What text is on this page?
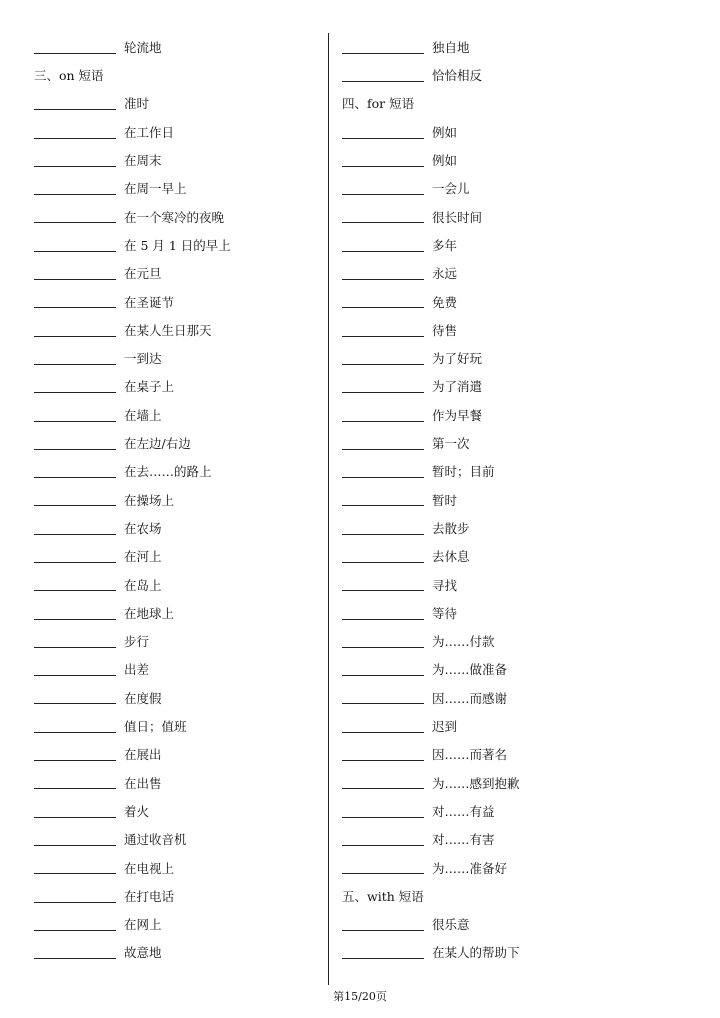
轮流地
三、on 短语
准时
在工作日
在周末
在周一早上
在一个寒冷的夜晚
在 5 月 1 日的早上
在元旦
在圣诞节
在某人生日那天
一到达
在桌子上
在墙上
在左边/右边
在去……的路上
在操场上
在农场
在河上
在岛上
在地球上
步行
出差
在度假
值日；值班
在展出
在出售
着火
通过收音机
在电视上
在打电话
在网上
故意地
独自地
恰恰相反
四、for 短语
例如
例如
一会儿
很长时间
多年
永远
免费
待售
为了好玩
为了消遣
作为早餐
第一次
暂时；目前
暂时
去散步
去休息
寻找
等待
为……付款
为……做准备
因……而感谢
迟到
因……而著名
为……感到抱歉
对……有益
对……有害
为……准备好
五、with 短语
很乐意
在某人的帮助下
第15/20页
